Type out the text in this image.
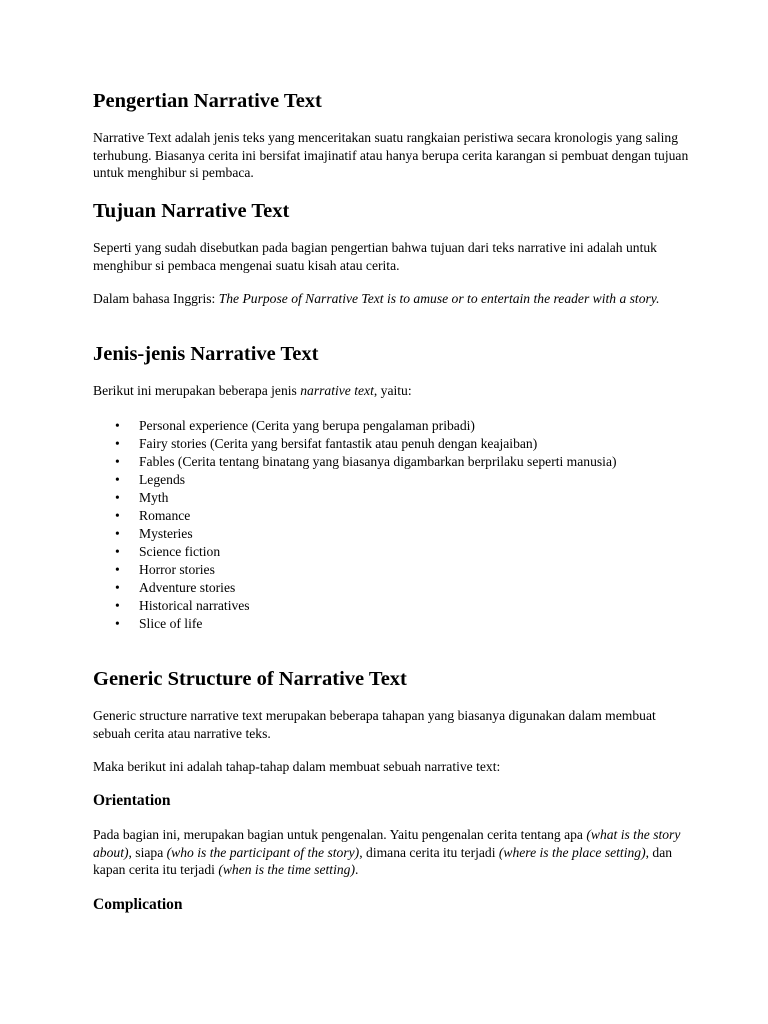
Pengertian Narrative Text

Narrative Text adalah jenis teks yang menceritakan suatu rangkaian peristiwa secara kronologis yang saling terhubung. Biasanya cerita ini bersifat imajinatif atau hanya berupa cerita karangan si pembuat dengan tujuan untuk menghibur si pembaca.

Tujuan Narrative Text

Seperti yang sudah disebutkan pada bagian pengertian bahwa tujuan dari teks narrative ini adalah untuk menghibur si pembaca mengenai suatu kisah atau cerita.

Dalam bahasa Inggris: The Purpose of Narrative Text is to amuse or to entertain the reader with a story.

Jenis-jenis Narrative Text

Berikut ini merupakan beberapa jenis narrative text, yaitu:

• Personal experience (Cerita yang berupa pengalaman pribadi)
• Fairy stories (Cerita yang bersifat fantastik atau penuh dengan keajaiban)
• Fables (Cerita tentang binatang yang biasanya digambarkan berprilaku seperti manusia)
• Legends
• Myth
• Romance
• Mysteries
• Science fiction
• Horror stories
• Adventure stories
• Historical narratives
• Slice of life
Generic Structure of Narrative Text

Generic structure narrative text merupakan beberapa tahapan yang biasanya digunakan dalam membuat sebuah cerita atau narrative teks.

Maka berikut ini adalah tahap-tahap dalam membuat sebuah narrative text:

Orientation

Pada bagian ini, merupakan bagian untuk pengenalan. Yaitu pengenalan cerita tentang apa (what is the story about), siapa (who is the participant of the story), dimana cerita itu terjadi (where is the place setting), dan kapan cerita itu terjadi (when is the time setting).

Complication
